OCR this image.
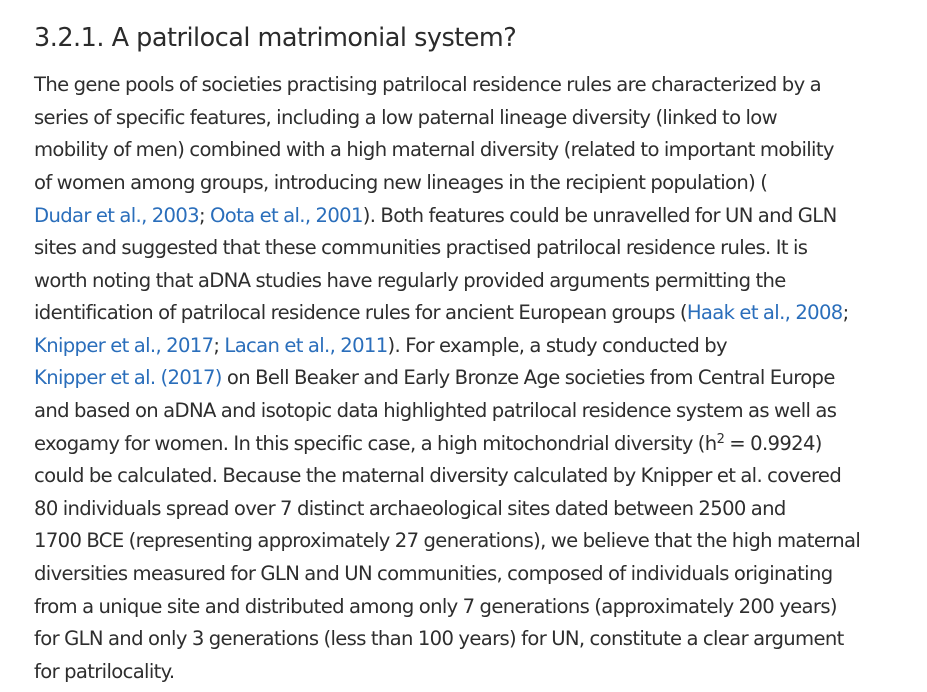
3.2.1. A patrilocal matrimonial system?

The gene pools of societies practising patrilocal residence rules are characterized by a
series of specific features, including a low paternal lineage diversity (linked to low
mobility of men) combined with a high maternal diversity (related to important mobility
of women among groups, introducing new lineages in the recipient population) (
Dudar et al., 2003; Oota et al., 2001). Both features could be unravelled for UN and GLN
sites and suggested that these communities practised patrilocal residence rules. It is
worth noting that aDNA studies have regularly provided arguments permitting the
identification of patrilocal residence rules for ancient European groups (Haak et al., 2008;
Knipper et al., 2017; Lacan et al., 2011). For example, a study conducted by
Knipper et al. (2017) on Bell Beaker and Early Bronze Age societies from Central Europe
and based on aDNA and isotopic data highlighted patrilocal residence system as well as
exogamy for women. In this specific case, a high mitochondrial diversity $(h^2 = 0.9924)$
could be calculated. Because the maternal diversity calculated by Knipper et al. covered
80 individuals spread over 7 distinct archaeological sites dated between 2500 and
1700 BCE (representing approximately 27 generations), we believe that the high maternal
diversities measured for GLN and UN communities, composed of individuals originating
from a unique site and distributed among only 7 generations (approximately 200 years)
for GLN and only 3 generations (less than 100 years) for UN, constitute a clear argument
for patrilocality.
